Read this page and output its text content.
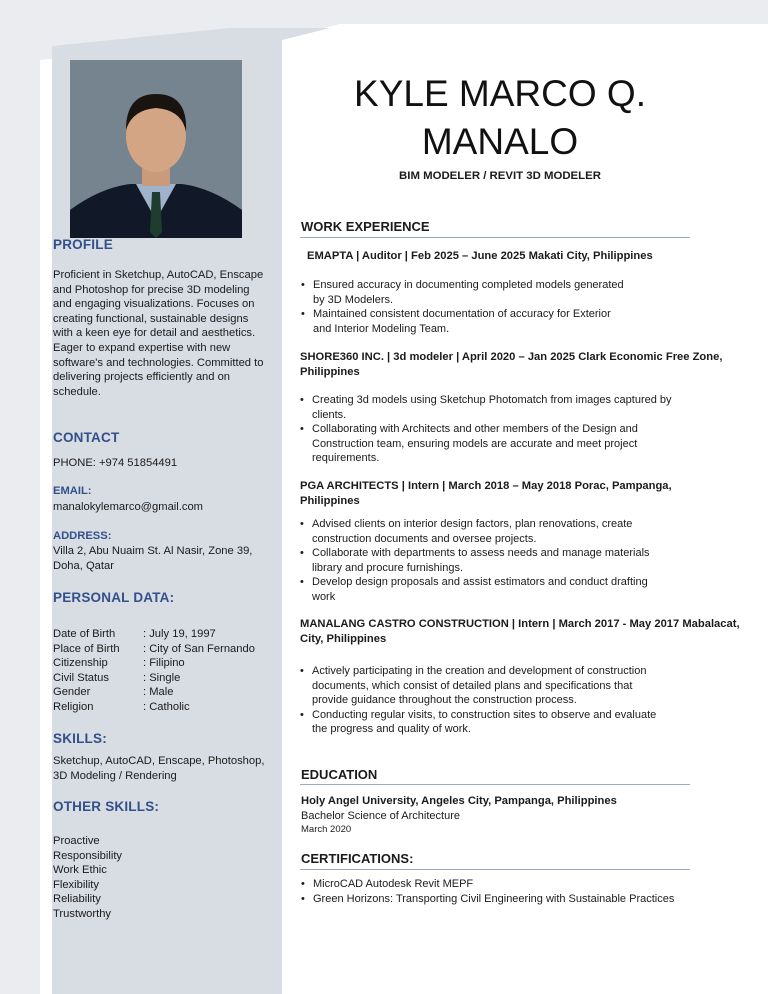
PROFILE
Proficient in Sketchup, AutoCAD, Enscape and Photoshop for precise 3D modeling and engaging visualizations. Focuses on creating functional, sustainable designs with a keen eye for detail and aesthetics. Eager to expand expertise with new software's and technologies. Committed to delivering projects efficiently and on schedule.
CONTACT
PHONE: +974 51854491
EMAIL:
manalokylemarco@gmail.com
ADDRESS:
Villa 2, Abu Nuaim St. Al Nasir, Zone 39, Doha, Qatar
PERSONAL DATA:
Date of Birth	: July 19, 1997
Place of Birth	: City of San Fernando
Citizenship	: Filipino
Civil Status	: Single
Gender	: Male
Religion	: Catholic
SKILLS:
Sketchup, AutoCAD, Enscape, Photoshop, 3D Modeling / Rendering
OTHER SKILLS:
Proactive
Responsibility
Work Ethic
Flexibility
Reliability
Trustworthy
KYLE MARCO Q.
MANALO
BIM MODELER / REVIT 3D MODELER
WORK EXPERIENCE
EMAPTA | Auditor | Feb 2025 – June 2025 Makati City, Philippines
• Ensured accuracy in documenting completed models generated by 3D Modelers.
• Maintained consistent documentation of accuracy for Exterior and Interior Modeling Team.
SHORE360 INC. | 3d modeler | April 2020 – Jan 2025 Clark Economic Free Zone, Philippines
• Creating 3d models using Sketchup Photomatch from images captured by clients.
• Collaborating with Architects and other members of the Design and Construction team, ensuring models are accurate and meet project requirements.
PGA ARCHITECTS | Intern | March 2018 – May 2018 Porac, Pampanga, Philippines
• Advised clients on interior design factors, plan renovations, create construction documents and oversee projects.
• Collaborate with departments to assess needs and manage materials library and procure furnishings.
• Develop design proposals and assist estimators and conduct drafting work
MANALANG CASTRO CONSTRUCTION | Intern | March 2017 - May 2017 Mabalacat, City, Philippines
• Actively participating in the creation and development of construction documents, which consist of detailed plans and specifications that provide guidance throughout the construction process.
• Conducting regular visits, to construction sites to observe and evaluate the progress and quality of work.
EDUCATION
Holy Angel University, Angeles City, Pampanga, Philippines
Bachelor Science of Architecture
March 2020
CERTIFICATIONS:
• MicroCAD Autodesk Revit MEPF
• Green Horizons: Transporting Civil Engineering with Sustainable Practices
